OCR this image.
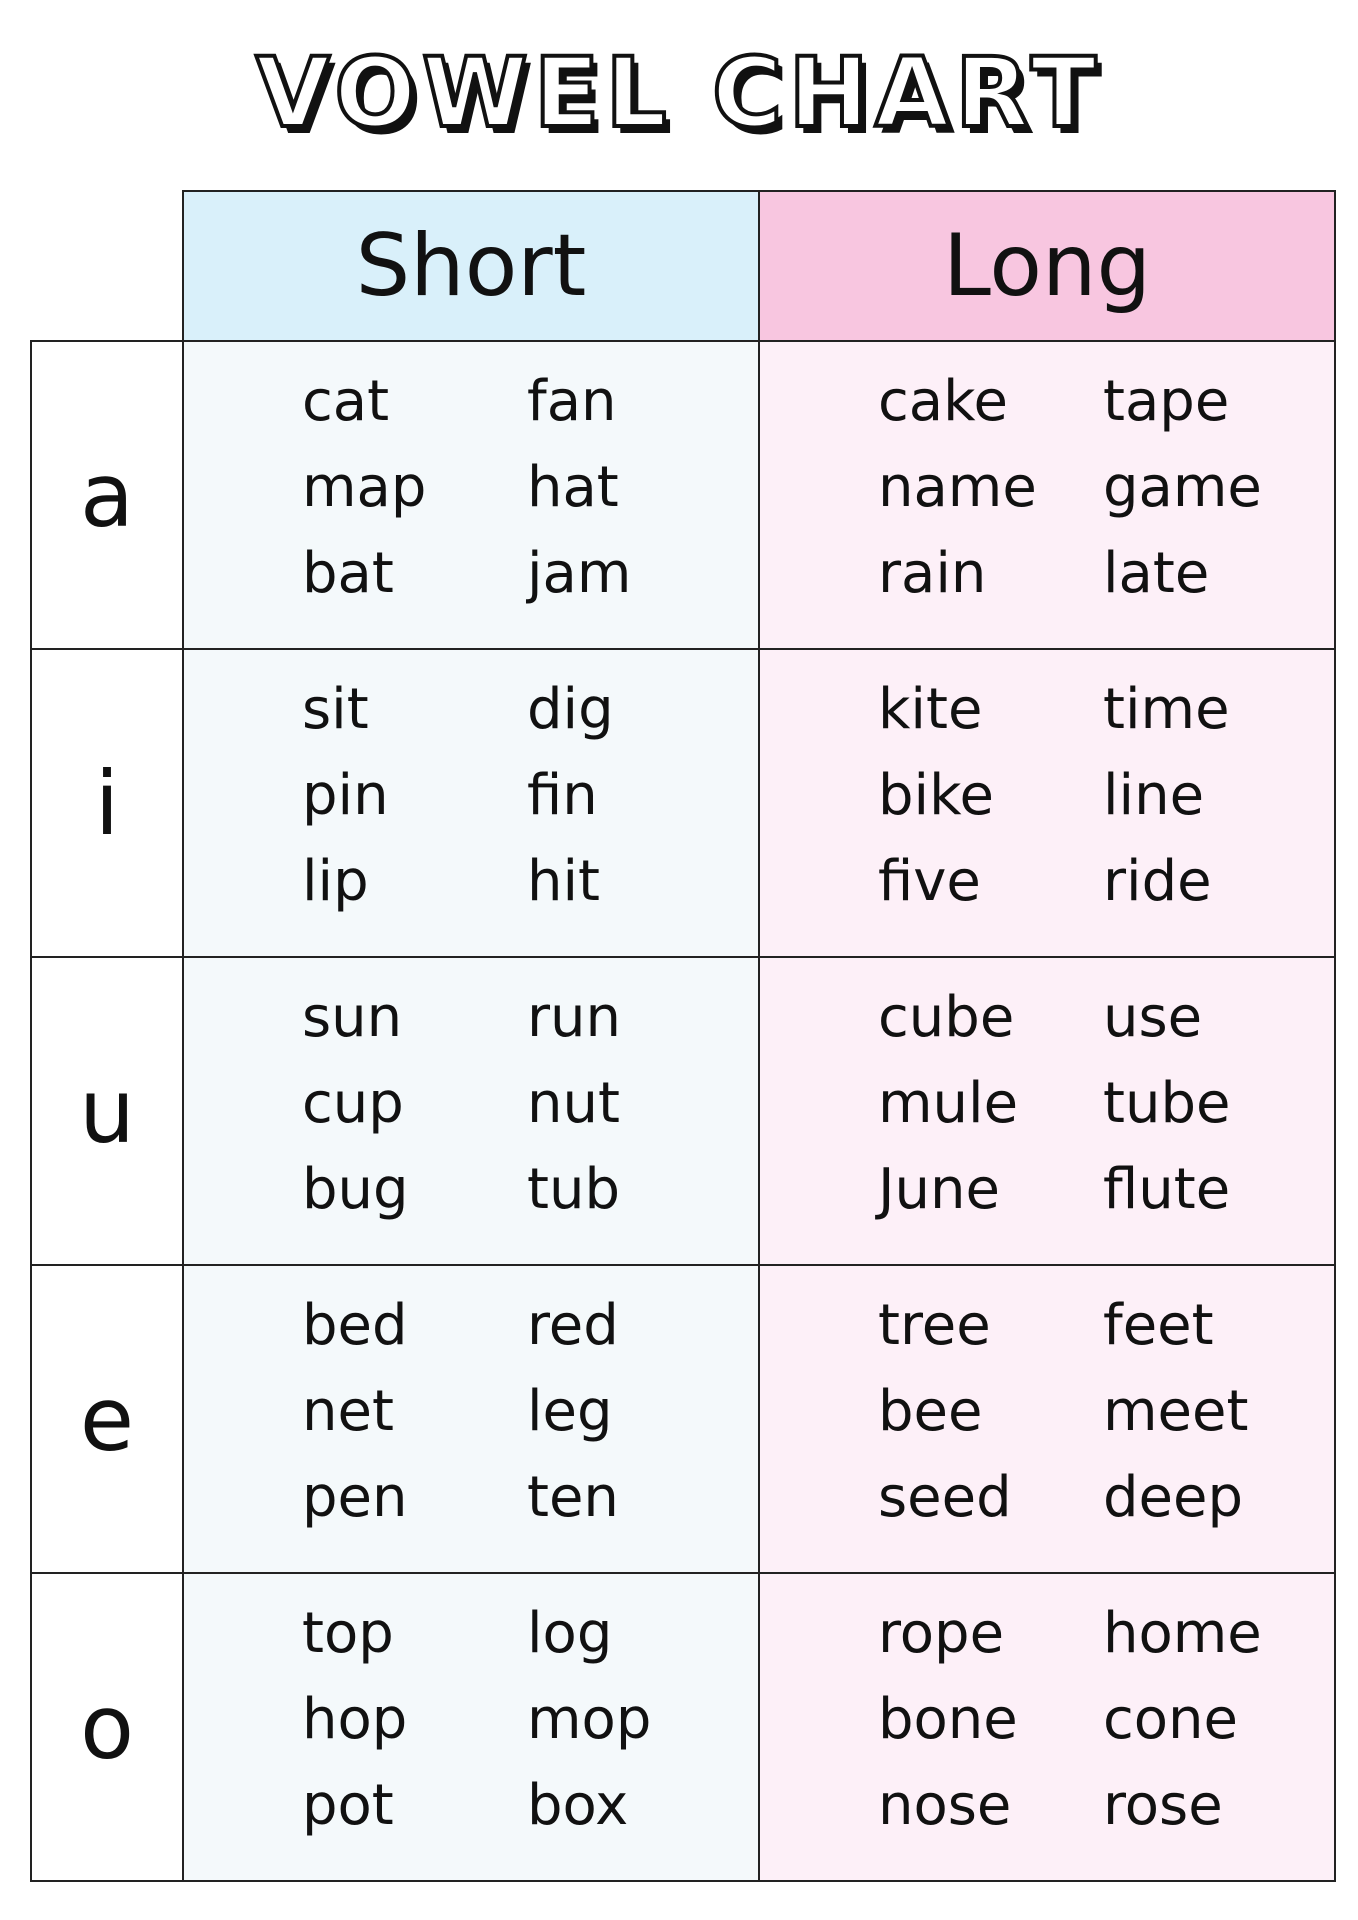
VOWEL CHART
Short	Long
a
cat fan
map hat
bat jam
cake tape
name game
rain late
i
sit	dig
pin fin
lip	hit
kite time
bike line
five ride
u
sun run
cup nut
bug tub
cube use
mule tube
June flute
e
bed red
net leg
pen ten
tree feet
bee meet
seed deep
o
top log
hop mop
pot box
rope home
bone cone
nose rose
